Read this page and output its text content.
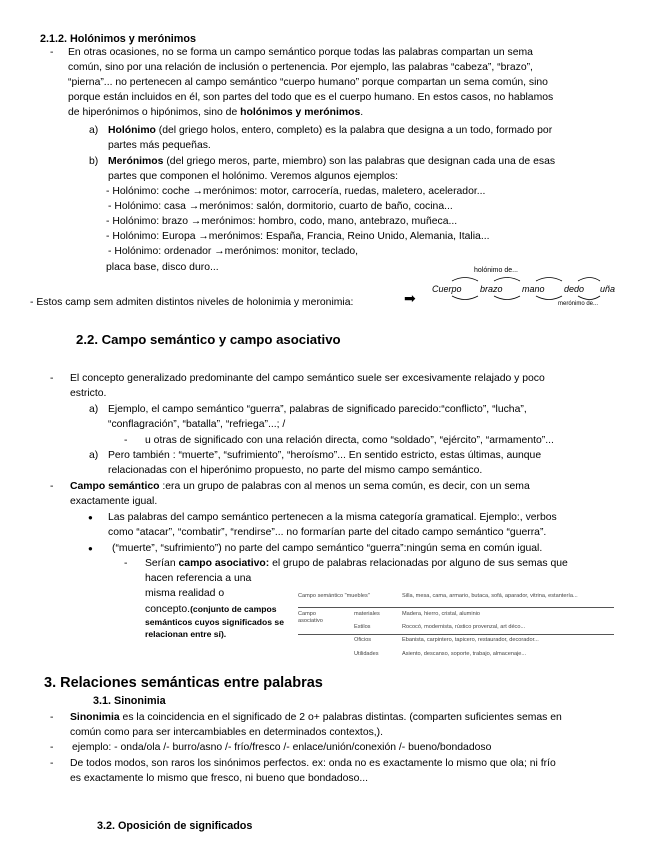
2.1.2. Holónimos y merónimos
- En otras ocasiones, no se forma un campo semántico porque todas las palabras compartan un sema
común, sino por una relación de inclusión o pertenencia. Por ejemplo, las palabras “cabeza”, “brazo”,
“pierna”... no pertenecen al campo semántico “cuerpo humano” porque compartan un sema común, sino
porque están incluidos en él, son partes del todo que es el cuerpo humano. En estos casos, no hablamos
de hiperónimos o hipónimos, sino de holónimos y merónimos.
a) Holónimo (del griego holos, entero, completo) es la palabra que designa a un todo, formado por
partes más pequeñas.
b) Merónimos (del griego meros, parte, miembro) son las palabras que designan cada una de esas
partes que componen el holónimo. Veremos algunos ejemplos:
- Holónimo: coche →merónimos: motor, carrocería, ruedas, maletero, acelerador...
- Holónimo: casa →merónimos: salón, dormitorio, cuarto de baño, cocina...
- Holónimo: brazo →merónimos: hombro, codo, mano, antebrazo, muñeca...
- Holónimo: Europa →merónimos: España, Francia, Reino Unido, Alemania, Italia...
- Holónimo: ordenador →merónimos: monitor, teclado,
placa base, disco duro...
- Estos camp sem admiten distintos niveles de holonimia y meronimia:	➡
holónimo de...
Cuerpo brazo mano dedo uña
merónimo de...
2.2. Campo semántico y campo asociativo
- El concepto generalizado predominante del campo semántico suele ser excesivamente relajado y poco
estricto.
a) Ejemplo, el campo semántico “guerra”, palabras de significado parecido:“conflicto”, “lucha”,
“conflagración”, “batalla”, “refriega”...; /
- u otras de significado con una relación directa, como “soldado”, “ejército”, “armamento”...
a) Pero también : “muerte”, “sufrimiento”, “heroísmo”... En sentido estricto, estas últimas, aunque
relacionadas con el hiperónimo propuesto, no parte del mismo campo semántico.
- Campo semántico :era un grupo de palabras con al menos un sema común, es decir, con un sema
exactamente igual.
● Las palabras del campo semántico pertenecen a la misma categoría gramatical. Ejemplo:, verbos
como “atacar”, “combatir”, “rendirse”... no formarían parte del citado campo semántico “guerra”.
● (“muerte”, “sufrimiento”) no parte del campo semántico “guerra”:ningún sema en común igual.
- Serían campo asociativo: el grupo de palabras relacionadas por alguno de sus semas que
hacen referencia a una
misma realidad o
concepto.(conjunto de campos
semánticos cuyos significados se
relacionan entre sí).
Campo semántico "muebles"	Silla, mesa, cama, armario, butaca, sofá, aparador, vitrina, estantería...
Campo asociativo
materiales	Madera, hierro, cristal, aluminio
Estilos	Rococó, modernista, rústico provenzal, art déco...
Oficios	Ebanista, carpintero, tapicero, restaurador, decorador...
Utilidades	Asiento, descanso, soporte, trabajo, almacenaje...
3. Relaciones semánticas entre palabras
3.1. Sinonimia
- Sinonimia es la coincidencia en el significado de 2 o+ palabras distintas. (comparten suficientes semas en
común como para ser intercambiables en determinados contextos,).
- ejemplo: - onda/ola /- burro/asno /- frío/fresco /- enlace/unión/conexión /- bueno/bondadoso
- De todos modos, son raros los sinónimos perfectos. ex: onda no es exactamente lo mismo que ola; ni frío
es exactamente lo mismo que fresco, ni bueno que bondadoso...
3.2. Oposición de significados
